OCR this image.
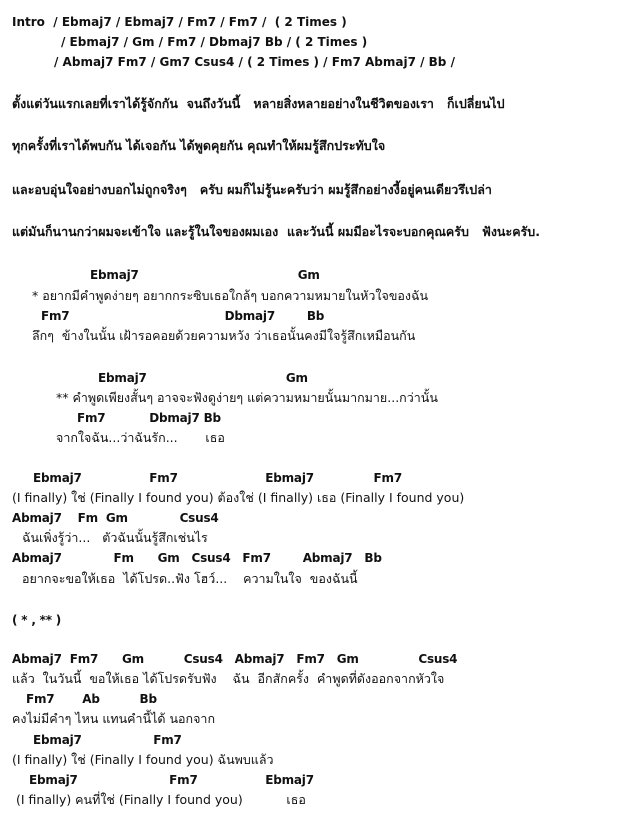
Intro  / Ebmaj7 / Ebmaj7 / Fm7 / Fm7 /  ( 2 Times )
/ Ebmaj7 / Gm / Fm7 / Dbmaj7 Bb / ( 2 Times )
/ Abmaj7 Fm7 / Gm7 Csus4 / ( 2 Times ) / Fm7 Abmaj7 / Bb /
ตั้งแต่วันแรกเลยที่เราได้รู้จักกัน  จนถึงวันนี้   หลายสิ่งหลายอย่างในชีวิตของเรา   ก็เปลี่ยนไป
ทุกครั้งที่เราได้พบกัน ได้เจอกัน ได้พูดคุยกัน คุณทำให้ผมรู้สึกประทับใจ
และอบอุ่นใจอย่างบอกไม่ถูกจริงๆ   ครับ ผมก็ไม่รู้นะครับว่า ผมรู้สึกอย่างงี้อยู่คนเดียวรึเปล่า
แต่มันก็นานกว่าผมจะเข้าใจ และรู้ในใจของผมเอง  และวันนี้ ผมมีอะไรจะบอกคุณครับ   ฟังนะครับ.
Ebmaj7                                        Gm
* อยากมีคำพูดง่ายๆ อยากกระซิบเธอใกล้ๆ บอกความหมายในหัวใจของฉัน
Fm7                                       Dbmaj7        Bb
ลึกๆ  ข้างในนั้น เฝ้ารอคอยด้วยความหวัง ว่าเธอนั้นคงมีใจรู้สึกเหมือนกัน
Ebmaj7                                   Gm
** คำพูดเพียงสั้นๆ อาจจะฟังดูง่ายๆ แต่ความหมายนั้นมากมาย...กว่านั้น
Fm7           Dbmaj7 Bb
จากใจฉัน...ว่าฉันรัก...       เธอ
Ebmaj7                 Fm7                      Ebmaj7               Fm7
(I finally) ใช่ (Finally I found you) ต้องใช่ (I finally) เธอ (Finally I found you)
Abmaj7    Fm  Gm             Csus4
ฉันเพิ่งรู้ว่า...   ตัวฉันนั้นรู้สึกเช่นไร
Abmaj7             Fm      Gm   Csus4   Fm7        Abmaj7   Bb
อยากจะขอให้เธอ  ได้โปรด..ฟัง โฮว์...    ความในใจ  ของฉันนี้
( * , ** )
Abmaj7  Fm7      Gm          Csus4   Abmaj7   Fm7   Gm               Csus4
แล้ว  ในวันนี้  ขอให้เธอ ได้โปรดรับฟัง    ฉัน  อีกสักครั้ง  คำพูดที่ดังออกจากหัวใจ
Fm7       Ab          Bb
คงไม่มีคำๆ ไหน แทนคำนี้ได้ นอกจาก
Ebmaj7                  Fm7
(I finally) ใช่ (Finally I found you) ฉันพบแล้ว
Ebmaj7                       Fm7                 Ebmaj7
(I finally) คนที่ใช่ (Finally I found you)           เธอ
